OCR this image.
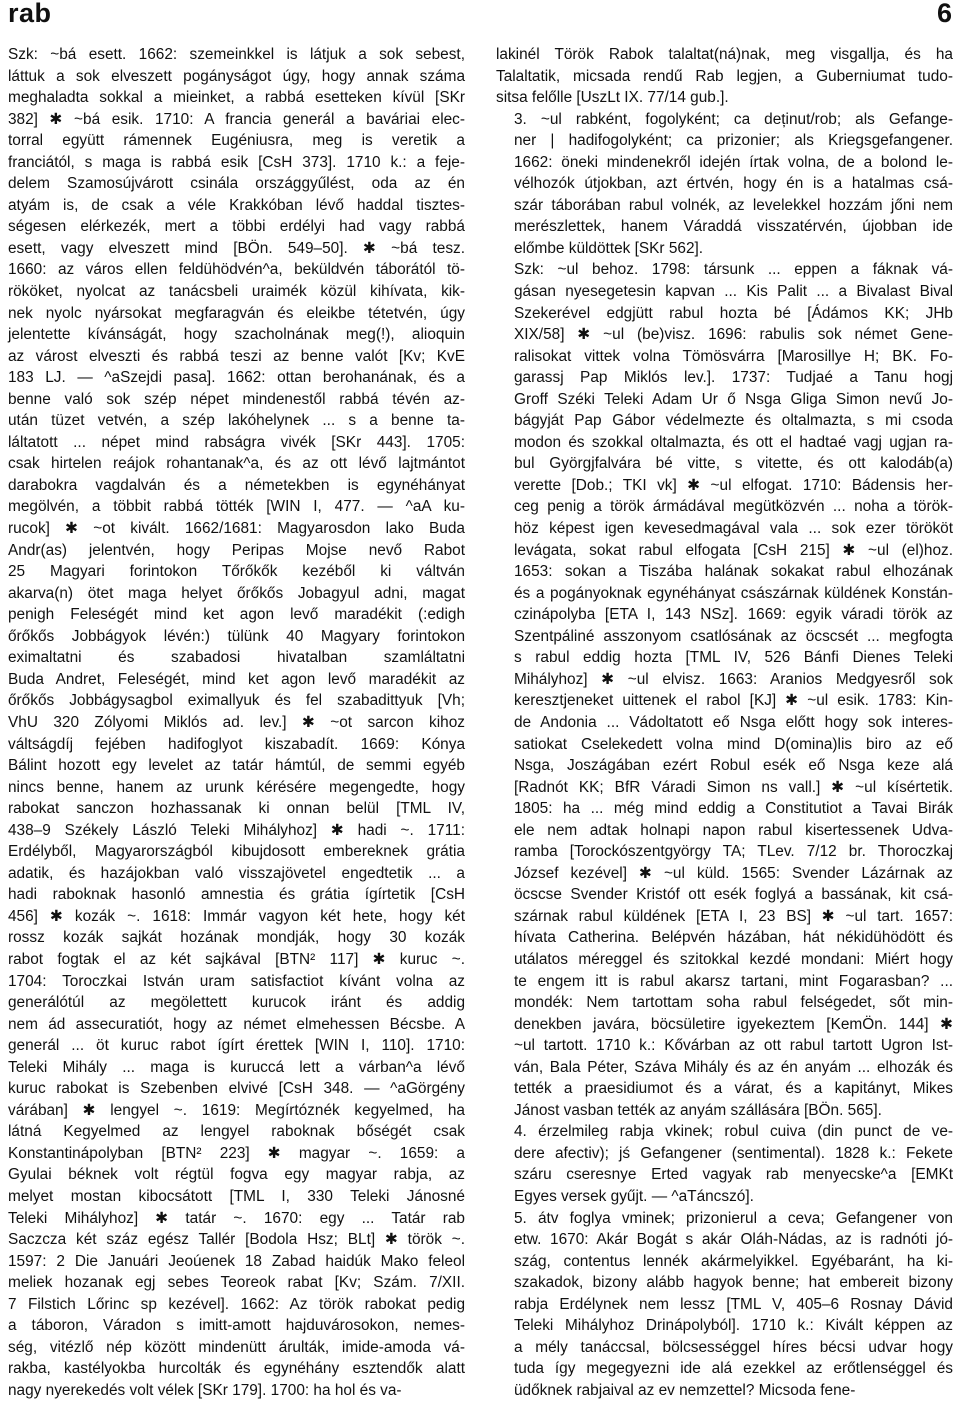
rab	6

Szk: ~bá esett. 1662: szemeinkkel is látjuk a sok sebest,
láttuk a sok elveszett pogányságot úgy, hogy annak száma
meghaladta sokkal a mieinket, a rabbá esetteken kívül [SKr
382] ✱ ~bá esik. 1710: A francia generál a baváriai elec-
torral együtt rámennek Eugéniusra, meg is veretik a
franciától, s maga is rabbá esik [CsH 373]. 1710 k.: a feje-
delem Szamosújvárott csinála országgyűlést, oda az én
atyám is, de csak a véle Krakkóban lévő haddal tisztes-
ségesen elérkezék, mert a többi erdélyi had vagy rabbá
esett, vagy elveszett mind [BÖn. 549–50]. ✱ ~bá tesz.
1660: az város ellen feldühödvén^a, beküldvén táborától tö-
rököket, nyolcat az tanácsbeli uraimék közül kihívata, kik-
nek nyolc nyársokat megfaragván és eleikbe tétetvén, úgy
jelentette kívánságát, hogy szacholnának meg(!), alioquin
az várost elveszti és rabbá teszi az benne valót [Kv; KvE
183 LJ. — ^aSzejdi pasa]. 1662: ottan berohanának, és a
benne való sok szép népet mindenestől rabbá tévén az-
után tüzet vetvén, a szép lakóhelynek ... s a benne ta-
láltatott ... népet mind rabságra vivék [SKr 443]. 1705:
csak hirtelen reájok rohantanak^a, és az ott lévő lajtmántot
darabokra vagdalván és a németekben is egynéhányat
megölvén, a többit rabbá tötték [WIN I, 477. — ^aA ku-
rucok] ✱ ~ot kivált. 1662/1681: Magyarosdon lako Buda
Andr(as) jelentvén, hogy Peripas Mojse nevő Rabot
25 Magyari forintokon Tőrőkők kezéből ki váltván
akarva(n) ötet maga helyet őrőkős Jobagyul adni, magat
penigh Feleségét mind ket agon levő maradékit (:edigh
őrőkős Jobbágyok lévén:) tülünk 40 Magyary forintokon
eximaltatni és szabadosi hivatalban szamláltatni
Buda Andret, Feleségét, mind ket agon levő maradékit az
őrőkős Jobbágysagbol eximallyuk és fel szabadittyuk [Vh;
VhU 320 Zólyomi Miklós ad. lev.] ✱ ~ot sarcon kihoz
váltságdíj fejében hadifoglyot kiszabadít. 1669: Kónya
Bálint hozott egy levelet az tatár hámtúl, de semmi egyéb
nincs benne, hanem az urunk kérésére megengedte, hogy
rabokat sanczon hozhassanak ki onnan belül [TML IV,
438–9 Székely László Teleki Mihályhoz] ✱ hadi ~. 1711:
Erdélyből, Magyarországból kibujdosott embereknek grátia
adatik, és hazájokban való visszajövetel engedtetik ... a
hadi raboknak hasonló amnestia és grátia ígírtetik [CsH
456] ✱ kozák ~. 1618: Immár vagyon két hete, hogy két
rossz kozák sajkát hozának mondják, hogy 30 kozák
rabot fogtak el az két sajkával [BTN² 117] ✱ kuruc ~.
1704: Toroczkai István uram satisfactiot kívánt volna az
generálótúl az megölettett kurucok iránt és addig
nem ád assecuratiót, hogy az német elmehessen Bécsbe. A
generál ... öt kuruc rabot ígírt érettek [WIN I, 110]. 1710:
Teleki Mihály ... maga is kurucсá lett a várban^a lévő
kuruc rabokat is Szebenben elvivé [CsH 348. — ^aGörgény
várában] ✱ lengyel ~. 1619: Megírtóznék kegyelmed, ha
látná Kegyelmed az lengyel raboknak bőségét csak
Konstantinápolyban [BTN² 223] ✱ magyar ~. 1659: a
Gyulai béknek volt régtül fogva egy magyar rabja, az
melyet mostan kibocsátott [TML I, 330 Teleki Jánosné
Teleki Mihályhoz] ✱ tatár ~. 1670: egy ... Tatár rab
Saczcza két száz egész Tallér [Bodola Hsz; BLt] ✱ török ~.
1597: 2 Die Januári Jeoúenek 18 Zabad haidúk Mako feleol
meliek hozanak egj sebes Teoreok rabat [Kv; Szám. 7/XII.
7 Filstich Lőrinc sp kezével]. 1662: Az török rabokat pedig
a táboron, Váradon s imitt-amott hajduvárosokon, nemes-
ség, vitézlő nép között mindenütt árulták, imide-amoda vá-
rakba, kastélyokba hurcolták és egynéhány esztendők alatt
nagy nyerekedés volt vélek [SKr 179]. 1700: ha hol és va-

lakinél Török Rabok talaltat(ná)nak, meg visgallja, és ha
Talaltatik, micsada rendű Rab legjen, a Guberniumat tudo-
sitsa felőlle [UszLt IX. 77/14 gub.].

3. ~ul rabként, fogolyként; ca deținut/rob; als Gefange-
ner | hadifogolyként; ca prizonier; als Kriegsgefangener.
1662: öneki mindenekről idején írtak volna, de a bolond le-
vélhozók útjokban, azt értvén, hogy én is a hatalmas csá-
szár táborában rabul volnék, az levelekkel hozzám jőni nem
merészlettek, hanem Váraddá visszatérvén, újobban ide
előmbe küldöttek [SKr 562].

Szk: ~ul behoz. 1798: társunk ... eppen a fáknak vá-
gásan nyesegetesin kapvan ... Kis Palit ... a Bivalast Bival
Szekerével edgjütt rabul hozta bé [Ádámos KK; JHb
XIX/58] ✱ ~ul (be)visz. 1696: rabulis sok német Gene-
ralisokat vittek volna Tömösvárra [Marosillye H; BK. Fo-
garassj Pap Miklós lev.]. 1737: Tudjaé a Tanu hogj
Groff Széki Teleki Adam Ur ő Nsga Gliga Simon nevű Jo-
bágyját Pap Gábor védelmezte és oltalmazta, s mi csoda
modon és szokkal oltalmazta, és ott el hadtaé vagj ugjan ra-
bul Györgjfalvára bé vitte, s vitette, és ott kalodáb(a)
verette [Dob.; TKI vk] ✱ ~ul elfogat. 1710: Bádensis her-
ceg penig a török ármádával megütközvén ... noha a török-
höz képest igen kevesedmagával vala ... sok ezer törököt
levágata, sokat rabul elfogata [CsH 215] ✱ ~ul (el)hoz.
1653: sokan a Tiszába halának sokakat rabul elhozának
és a pogányoknak egynéhányat császárnak küldének Konstán-
czinápolyba [ETA I, 143 NSz]. 1669: egyik váradi török az
Szentpáliné asszonyom csatlósának az öcscsét ... megfogta
s rabul eddig hozta [TML IV, 526 Bánfi Dienes Teleki
Mihályhoz] ✱ ~ul elvisz. 1663: Aranios Medgyesről sok
keresztjeneket uittenek el rabol [KJ] ✱ ~ul esik. 1783: Kin-
de Andonia ... Vádoltatott eő Nsga előtt hogy sok interes-
satiokat Cselekedett volna mind D(omina)lis biro az eő
Nsga, Joszágában ezért Robul esék eő Nsga keze alá
[Radnót KK; BfR Váradi Simon ns vall.] ✱ ~ul kísértetik.
1805: ha ... még mind eddig a Constitutiot a Tavai Birák
ele nem adtak holnapi napon rabul kisertessenek Udva-
ramba [Torockószentgyörgy TA; TLev. 7/12 br. Thoroczkaj
József kezével] ✱ ~ul küld. 1565: Svender Lázárnak az
öcscse Svender Kristóf ott esék foglyá a bassának, kit csá-
szárnak rabul küldének [ETA I, 23 BS] ✱ ~ul tart. 1657:
hívata Catherina. Belépvén házában, hát nékidühödött és
utálatos méreggel és szitokkal kezdé mondani: Miért hogy
te engem itt is rabul akarsz tartani, mint Fogarasban? ...
mondék: Nem tartottam soha rabul felségedet, sőt min-
denekben javára, böcsületire igyekeztem [KemÖn. 144] ✱
~ul tartott. 1710 k.: Kővárban az ott rabul tartott Ugron Ist-
ván, Bala Péter, Száva Mihály és az én anyám ... elhozák és
tették a praesidiumot és a várat, és a kapitányt, Mikes
Jánost vasban tették az anyám szállására [BÖn. 565].

4. érzelmileg rabja vkinek; robul cuiva (din punct de ve-
dere afectiv); jś Gefangener (sentimental). 1828 k.: Fekete
száru cseresnye Erted vagyak rab menyecske^a [EMKt
Egyes versek gyűjt. — ^aTáncszó].

5. átv foglya vminek; prizonierul a ceva; Gefangener von
etw. 1670: Akár Bogát s akár Oláh-Nádas, az is radnóti jó-
szág, contentus lennék akármelyikkel. Egyébaránt, ha ki-
szakadok, bizony alább hagyok benne; hat embereit bizony
rabja Erdélynek nem lessz [TML V, 405–6 Rosnay Dávid
Teleki Mihályhoz Drinápolyból]. 1710 k.: Kivált képpen az
a mély tanáccsal, bölcsességgel híres bécsi udvar hogy
tuda így megegyezni ide alá ezekkel az erőtlenséggel és
üdőknek rabjaival az ev nemzettel? Micsoda fene-
